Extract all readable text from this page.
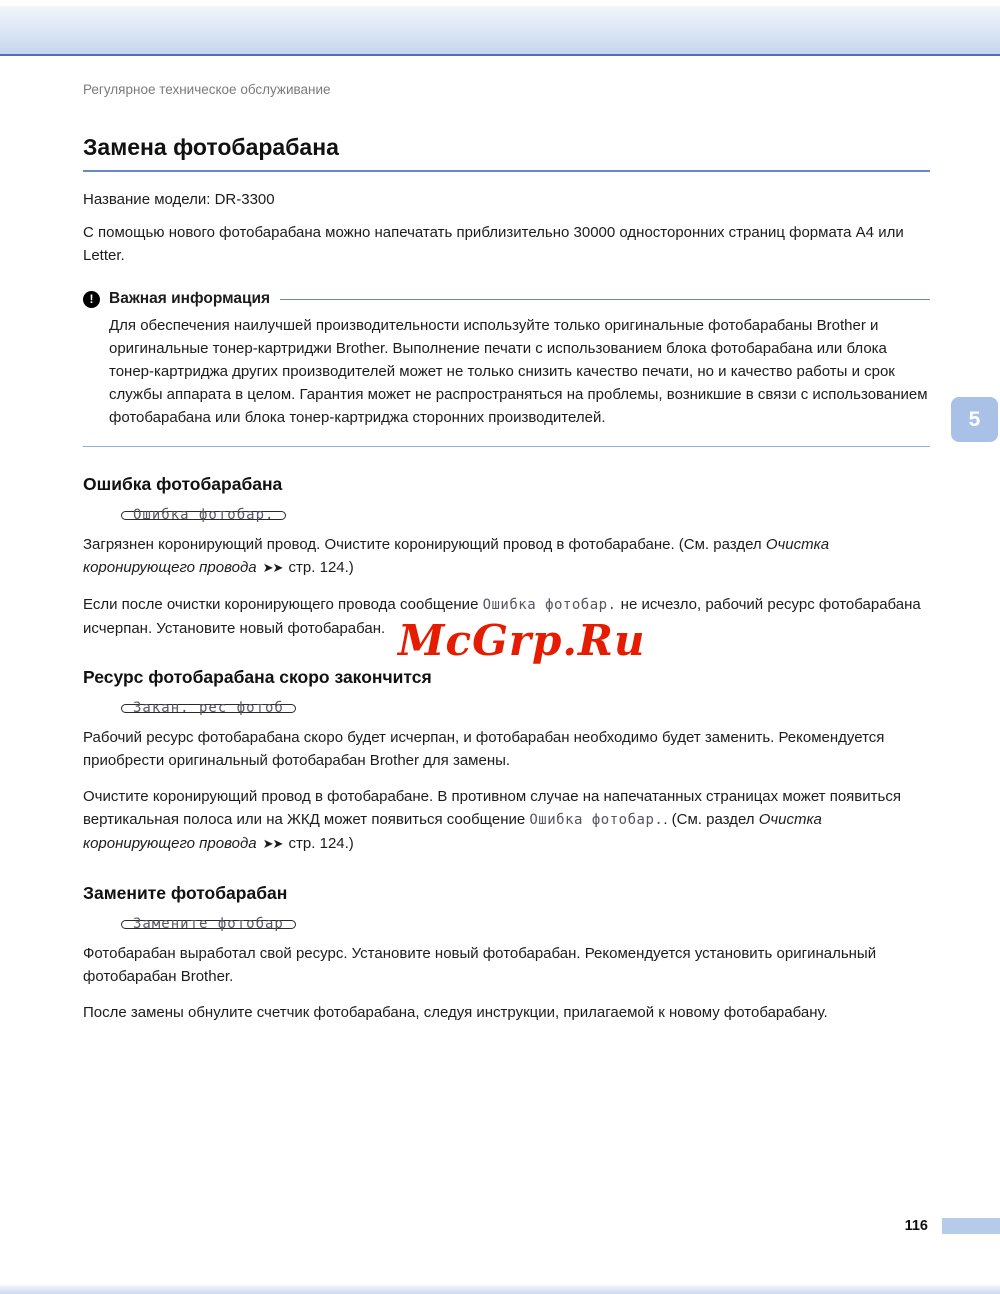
Регулярное техническое обслуживание
Замена фотобарабана
Название модели: DR-3300

С помощью нового фотобарабана можно напечатать приблизительно 30000 односторонних страниц формата A4 или Letter.

!	Важная информация

Для обеспечения наилучшей производительности используйте только оригинальные фотобарабаны Brother и оригинальные тонер-картриджи Brother. Выполнение печати с использованием блока фотобарабана или блока тонер-картриджа других производителей может не только снизить качество печати, но и качество работы и срок службы аппарата в целом. Гарантия может не распространяться на проблемы, возникшие в связи с использованием фотобарабана или блока тонер-картриджа сторонних производителей.

Ошибка фотобарабана
Ошибка фотобар.

Загрязнен коронирующий провод. Очистите коронирующий провод в фотобарабане. (См. раздел Очистка коронирующего провода ➤➤ стр. 124.)

Если после очистки коронирующего провода сообщение Ошибка фотобар. не исчезло, рабочий ресурс фотобарабана исчерпан. Установите новый фотобарабан.

Ресурс фотобарабана скоро закончится
Закан. рес фотоб

Рабочий ресурс фотобарабана скоро будет исчерпан, и фотобарабан необходимо будет заменить. Рекомендуется приобрести оригинальный фотобарабан Brother для замены.

Очистите коронирующий провод в фотобарабане. В противном случае на напечатанных страницах может появиться вертикальная полоса или на ЖКД может появиться сообщение Ошибка фотобар.. (См. раздел Очистка коронирующего провода ➤➤ стр. 124.)

Замените фотобарабан
Замените фотобар

Фотобарабан выработал свой ресурс. Установите новый фотобарабан. Рекомендуется установить оригинальный фотобарабан Brother.

После замены обнулите счетчик фотобарабана, следуя инструкции, прилагаемой к новому фотобарабану.

5
McGrp.Ru
116
